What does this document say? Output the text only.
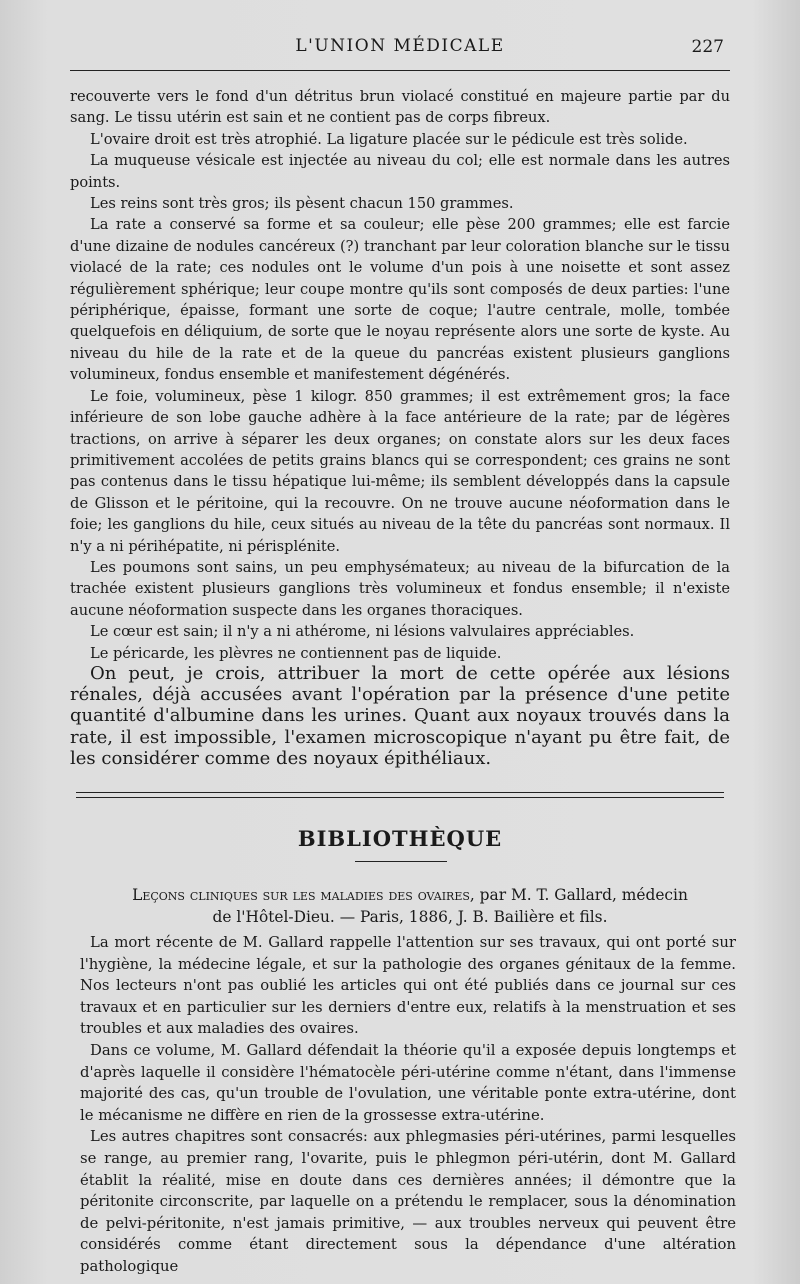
L'UNION MÉDICALE	227

recouverte vers le fond d'un détritus brun violacé constitué en majeure partie par du sang. Le tissu utérin est sain et ne contient pas de corps fibreux.

L'ovaire droit est très atrophié. La ligature placée sur le pédicule est très solide.

La muqueuse vésicale est injectée au niveau du col; elle est normale dans les autres points.

Les reins sont très gros; ils pèsent chacun 150 grammes.

La rate a conservé sa forme et sa couleur; elle pèse 200 grammes; elle est farcie d'une dizaine de nodules cancéreux (?) tranchant par leur coloration blanche sur le tissu violacé de la rate; ces nodules ont le volume d'un pois à une noisette et sont assez régulièrement sphérique; leur coupe montre qu'ils sont composés de deux parties: l'une périphérique, épaisse, formant une sorte de coque; l'autre centrale, molle, tombée quelquefois en déliquium, de sorte que le noyau représente alors une sorte de kyste. Au niveau du hile de la rate et de la queue du pancréas existent plusieurs ganglions volumineux, fondus ensemble et manifestement dégénérés.

Le foie, volumineux, pèse 1 kilogr. 850 grammes; il est extrêmement gros; la face inférieure de son lobe gauche adhère à la face antérieure de la rate; par de légères tractions, on arrive à séparer les deux organes; on constate alors sur les deux faces primitivement accolées de petits grains blancs qui se correspondent; ces grains ne sont pas contenus dans le tissu hépatique lui-même; ils semblent développés dans la capsule de Glisson et le péritoine, qui la recouvre. On ne trouve aucune néoformation dans le foie; les ganglions du hile, ceux situés au niveau de la tête du pancréas sont normaux. Il n'y a ni périhépatite, ni périsplénite.

Les poumons sont sains, un peu emphysémateux; au niveau de la bifurcation de la trachée existent plusieurs ganglions très volumineux et fondus ensemble; il n'existe aucune néoformation suspecte dans les organes thoraciques.

Le cœur est sain; il n'y a ni athérome, ni lésions valvulaires appréciables.

Le péricarde, les plèvres ne contiennent pas de liquide.

On peut, je crois, attribuer la mort de cette opérée aux lésions rénales, déjà accusées avant l'opération par la présence d'une petite quantité d'albumine dans les urines. Quant aux noyaux trouvés dans la rate, il est impossible, l'examen microscopique n'ayant pu être fait, de les considérer comme des noyaux épithéliaux.

BIBLIOTHÈQUE
Leçons cliniques sur les maladies des ovaires, par M. T. Gallard, médecin
de l'Hôtel-Dieu. — Paris, 1886, J. B. Bailière et fils.

La mort récente de M. Gallard rappelle l'attention sur ses travaux, qui ont porté sur l'hygiène, la médecine légale, et sur la pathologie des organes génitaux de la femme. Nos lecteurs n'ont pas oublié les articles qui ont été publiés dans ce journal sur ces travaux et en particulier sur les derniers d'entre eux, relatifs à la menstruation et ses troubles et aux maladies des ovaires.

Dans ce volume, M. Gallard défendait la théorie qu'il a exposée depuis longtemps et d'après laquelle il considère l'hématocèle péri-utérine comme n'étant, dans l'immense majorité des cas, qu'un trouble de l'ovulation, une véritable ponte extra-utérine, dont le mécanisme ne diffère en rien de la grossesse extra-utérine.

Les autres chapitres sont consacrés: aux phlegmasies péri-utérines, parmi lesquelles se range, au premier rang, l'ovarite, puis le phlegmon péri-utérin, dont M. Gallard établit la réalité, mise en doute dans ces dernières années; il démontre que la péritonite circonscrite, par laquelle on a prétendu le remplacer, sous la dénomination de pelvi-péritonite, n'est jamais primitive, — aux troubles nerveux qui peuvent être considérés comme étant directement sous la dépendance d'une altération pathologique
